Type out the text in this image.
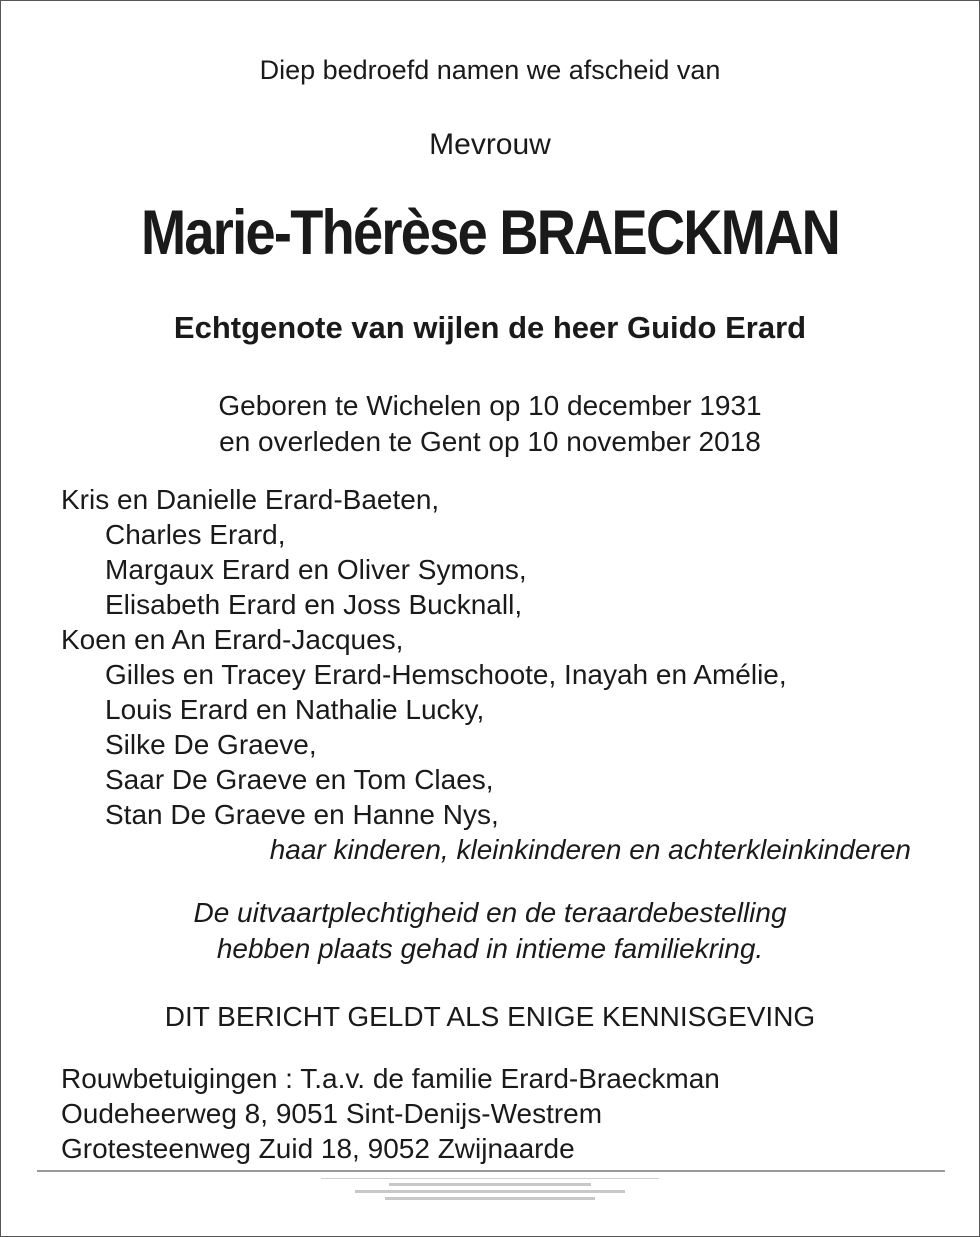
Diep bedroefd namen we afscheid van
Mevrouw
Marie-Thérèse BRAECKMAN
Echtgenote van wijlen de heer Guido Erard
Geboren te Wichelen op 10 december 1931
en overleden te Gent op 10 november 2018
Kris en Danielle Erard-Baeten,
Charles Erard,
Margaux Erard en Oliver Symons,
Elisabeth Erard en Joss Bucknall,
Koen en An Erard-Jacques,
Gilles en Tracey Erard-Hemschoote, Inayah en Amélie,
Louis Erard en Nathalie Lucky,
Silke De Graeve,
Saar De Graeve en Tom Claes,
Stan De Graeve en Hanne Nys,
haar kinderen, kleinkinderen en achterkleinkinderen
De uitvaartplechtigheid en de teraardebestelling
hebben plaats gehad in intieme familiekring.
DIT BERICHT GELDT ALS ENIGE KENNISGEVING
Rouwbetuigingen : T.a.v. de familie Erard-Braeckman
Oudeheerweg 8, 9051 Sint-Denijs-Westrem
Grotesteenweg Zuid 18, 9052 Zwijnaarde
